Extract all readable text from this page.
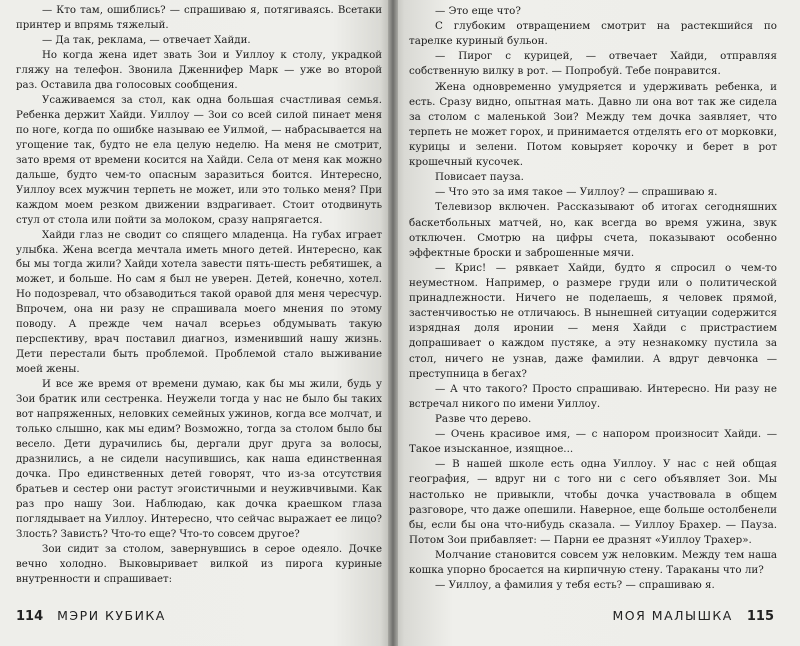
— Кто там, ошиблись? — спрашиваю я, потягиваясь. Всетаки принтер и впрямь тяжелый.

— Да так, реклама, — отвечает Хайди.

Но когда жена идет звать Зои и Уиллоу к столу, украдкой гляжу на телефон. Звонила Дженнифер Марк — уже во второй раз. Оставила два голосовых сообщения.

Усаживаемся за стол, как одна большая счастливая семья. Ребенка держит Хайди. Уиллоу — Зои со всей силой пинает меня по ноге, когда по ошибке называю ее Уилмой, — набрасывается на угощение так, будто не ела целую неделю. На меня не смотрит, зато время от времени косится на Хайди. Села от меня как можно дальше, будто чем-то опасным заразиться боится. Интересно, Уиллоу всех мужчин терпеть не может, или это только меня? При каждом моем резком движении вздрагивает. Стоит отодвинуть стул от стола или пойти за молоком, сразу напрягается.

Хайди глаз не сводит со спящего младенца. На губах играет улыбка. Жена всегда мечтала иметь много детей. Интересно, как бы мы тогда жили? Хайди хотела завести пять-шесть ребятишек, а может, и больше. Но сам я был не уверен. Детей, конечно, хотел. Но подозревал, что обзаводиться такой оравой для меня чересчур. Впрочем, она ни разу не спрашивала моего мнения по этому поводу. А прежде чем начал всерьез обдумывать такую перспективу, врач поставил диагноз, изменивший нашу жизнь. Дети перестали быть проблемой. Проблемой стало выживание моей жены.

И все же время от времени думаю, как бы мы жили, будь у Зои братик или сестренка. Неужели тогда у нас не было бы таких вот напряженных, неловких семейных ужинов, когда все молчат, и только слышно, как мы едим? Возможно, тогда за столом было бы весело. Дети дурачились бы, дергали друг друга за волосы, дразнились, а не сидели насупившись, как наша единственная дочка. Про единственных детей говорят, что из-за отсутствия братьев и сестер они растут эгоистичными и неуживчивыми. Как раз про нашу Зои. Наблюдаю, как дочка краешком глаза поглядывает на Уиллоу. Интересно, что сейчас выражает ее лицо? Злость? Зависть? Что-то еще? Что-то совсем другое?

Зои сидит за столом, завернувшись в серое одеяло. Дочке вечно холодно. Выковыривает вилкой из пирога куриные внутренности и спрашивает:

114 МЭРИ КУБИКА

— Это еще что?

С глубоким отвращением смотрит на растекшийся по тарелке куриный бульон.

— Пирог с курицей, — отвечает Хайди, отправляя собственную вилку в рот. — Попробуй. Тебе понравится.

Жена одновременно умудряется и удерживать ребенка, и есть. Сразу видно, опытная мать. Давно ли она вот так же сидела за столом с маленькой Зои? Между тем дочка заявляет, что терпеть не может горох, и принимается отделять его от морковки, курицы и зелени. Потом ковыряет корочку и берет в рот крошечный кусочек.

Повисает пауза.

— Что это за имя такое — Уиллоу? — спрашиваю я.

Телевизор включен. Рассказывают об итогах сегодняшних баскетбольных матчей, но, как всегда во время ужина, звук отключен. Смотрю на цифры счета, показывают особенно эффектные броски и заброшенные мячи.

— Крис! — рявкает Хайди, будто я спросил о чем-то неуместном. Например, о размере груди или о политической принадлежности. Ничего не поделаешь, я человек прямой, застенчивостью не отличаюсь. В нынешней ситуации содержится изрядная доля иронии — меня Хайди с пристрастием допрашивает о каждом пустяке, а эту незнакомку пустила за стол, ничего не узнав, даже фамилии. А вдруг девчонка — преступница в бегах?

— А что такого? Просто спрашиваю. Интересно. Ни разу не встречал никого по имени Уиллоу.

Разве что дерево.

— Очень красивое имя, — с напором произносит Хайди. — Такое изысканное, изящное...

— В нашей школе есть одна Уиллоу. У нас с ней общая география, — вдруг ни с того ни с сего объявляет Зои. Мы настолько не привыкли, чтобы дочка участвовала в общем разговоре, что даже опешили. Наверное, еще больше остолбенели бы, если бы она что-нибудь сказала. — Уиллоу Брахер. — Пауза. Потом Зои прибавляет: — Парни ее дразнят «Уиллоу Трахер».

Молчание становится совсем уж неловким. Между тем наша кошка упорно бросается на кирпичную стену. Тараканы что ли?

— Уиллоу, а фамилия у тебя есть? — спрашиваю я.

МОЯ МАЛЫШКА 115
